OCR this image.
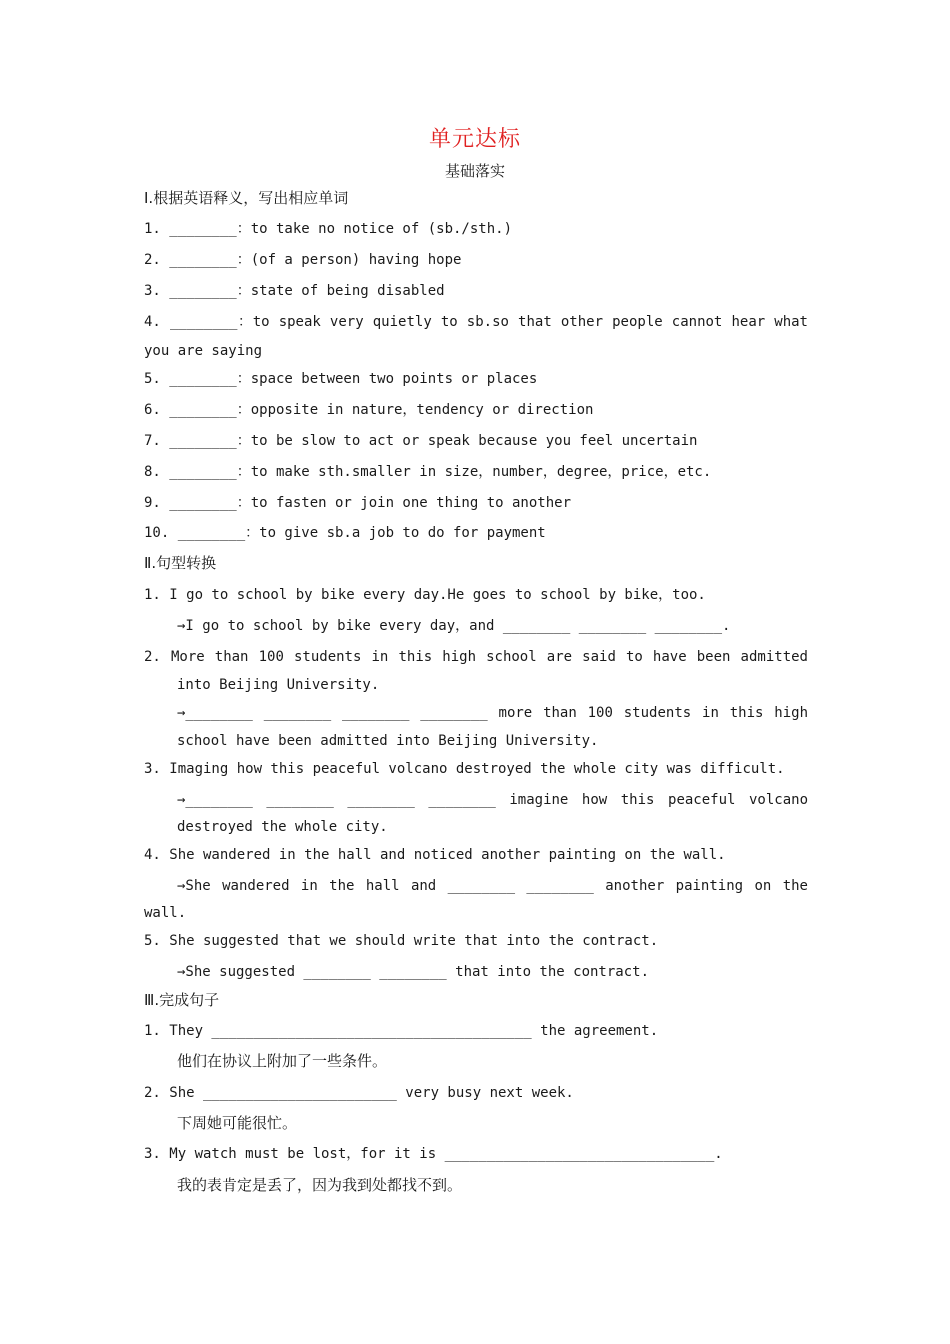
单元达标
基础落实
Ⅰ.根据英语释义，写出相应单词
1. ________：to take no notice of (sb./sth.)
2. ________：(of a person) having hope
3. ________：state of being disabled
4. ________：to speak very quietly to sb.so that other people cannot hear what
you are saying
5. ________：space between two points or places
6. ________：opposite in nature，tendency or direction
7. ________：to be slow to act or speak because you feel uncertain
8. ________：to make sth.smaller in size，number，degree，price，etc.
9. ________：to fasten or join one thing to another
10. ________：to give sb.a job to do for payment
Ⅱ.句型转换
1. I go to school by bike every day.He goes to school by bike，too.
→I go to school by bike every day，and ________ ________ ________.
2. More than 100 students in this high school are said to have been admitted
into Beijing University.
→________ ________ ________ ________ more than 100 students in this high
school have been admitted into Beijing University.
3. Imaging how this peaceful volcano destroyed the whole city was difficult.
→________ ________ ________ ________ imagine how this peaceful volcano
destroyed the whole city.
4. She wandered in the hall and noticed another painting on the wall.
→She wandered in the hall and ________ ________ another painting on the
wall.
5. She suggested that we should write that into the contract.
→She suggested ________ ________ that into the contract.
Ⅲ.完成句子
1. They ______________________________________ the agreement.
他们在协议上附加了一些条件。
2. She _______________________ very busy next week.
下周她可能很忙。
3. My watch must be lost，for it is ________________________________.
我的表肯定是丢了，因为我到处都找不到。
